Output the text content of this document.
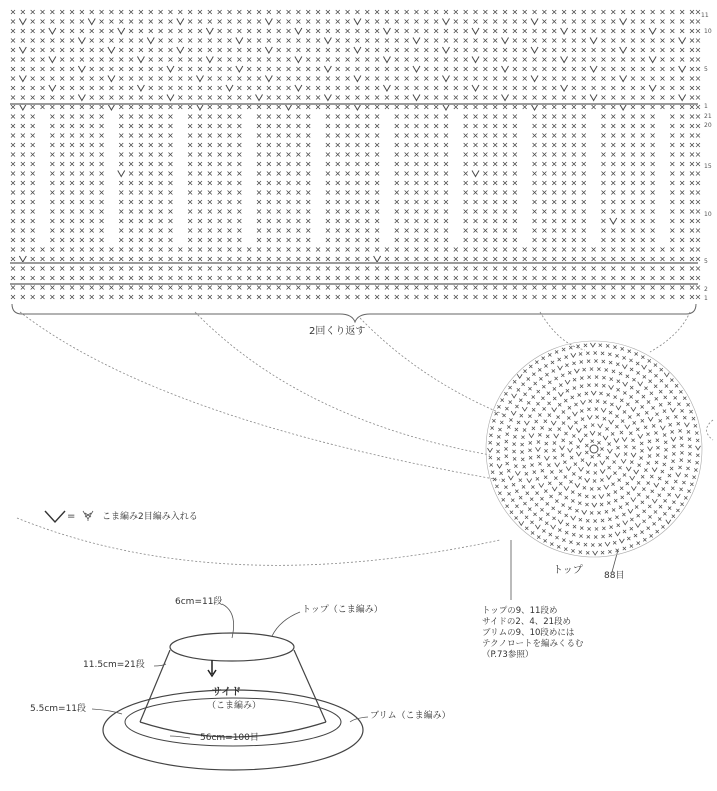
2回くり返す
11
10
5
1
21
20
15
10
5
2
1
=	こま編み2目編み入れる
トップ 88目
トップの9、11段め
サイドの2、4、21段め
ブリムの9、10段めには
テクノロートを編みくるむ
（P.73参照）
6cm=11段
トップ（こま編み）
11.5cm=21段
サイド
（こま編み）
5.5cm=11段
ブリム（こま編み）
56cm=100目
